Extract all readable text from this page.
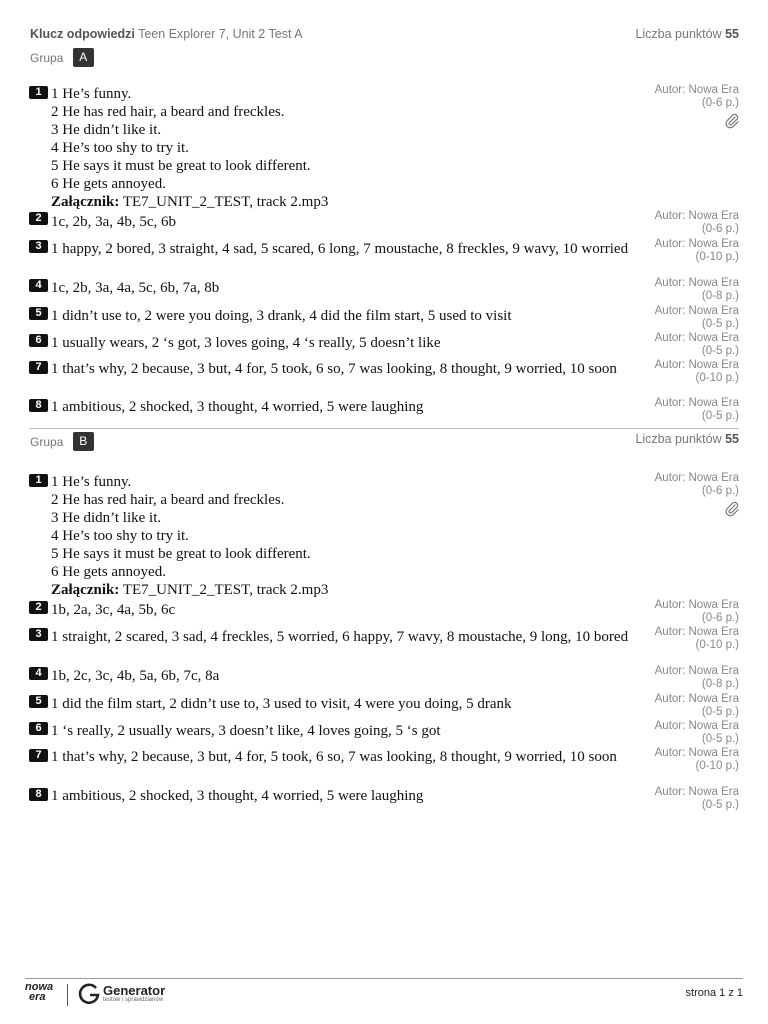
Klucz odpowiedzi Teen Explorer 7, Unit 2 Test A	Liczba punktów 55
Grupa A
1 1 He’s funny.
2 He has red hair, a beard and freckles.
3 He didn’t like it.
4 He’s too shy to try it.
5 He says it must be great to look different.
6 He gets annoyed.
Załącznik: TE7_UNIT_2_TEST, track 2.mp3
Autor: Nowa Era
(0-6 p.)
2 1c, 2b, 3a, 4b, 5c, 6b	Autor: Nowa Era
(0-6 p.)
3 1 happy, 2 bored, 3 straight, 4 sad, 5 scared, 6 long, 7 moustache, 8 freckles, 9 wavy, 10 worried	Autor: Nowa Era
(0-10 p.)
4 1c, 2b, 3a, 4a, 5c, 6b, 7a, 8b	Autor: Nowa Era
(0-8 p.)
5 1 didn’t use to, 2 were you doing, 3 drank, 4 did the film start, 5 used to visit	Autor: Nowa Era
(0-5 p.)
6 1 usually wears, 2 ‘s got, 3 loves going, 4 ‘s really, 5 doesn’t like	Autor: Nowa Era
(0-5 p.)
7 1 that’s why, 2 because, 3 but, 4 for, 5 took, 6 so, 7 was looking, 8 thought, 9 worried, 10 soon	Autor: Nowa Era
(0-10 p.)
8 1 ambitious, 2 shocked, 3 thought, 4 worried, 5 were laughing	Autor: Nowa Era
(0-5 p.)
Grupa B	Liczba punktów 55
1 1 He’s funny.
2 He has red hair, a beard and freckles.
3 He didn’t like it.
4 He’s too shy to try it.
5 He says it must be great to look different.
6 He gets annoyed.
Załącznik: TE7_UNIT_2_TEST, track 2.mp3
Autor: Nowa Era
(0-6 p.)
2 1b, 2a, 3c, 4a, 5b, 6c	Autor: Nowa Era
(0-6 p.)
3 1 straight, 2 scared, 3 sad, 4 freckles, 5 worried, 6 happy, 7 wavy, 8 moustache, 9 long, 10 bored	Autor: Nowa Era
(0-10 p.)
4 1b, 2c, 3c, 4b, 5a, 6b, 7c, 8a	Autor: Nowa Era
(0-8 p.)
5 1 did the film start, 2 didn’t use to, 3 used to visit, 4 were you doing, 5 drank	Autor: Nowa Era
(0-5 p.)
6 1 ‘s really, 2 usually wears, 3 doesn’t like, 4 loves going, 5 ‘s got	Autor: Nowa Era
(0-5 p.)
7 1 that’s why, 2 because, 3 but, 4 for, 5 took, 6 so, 7 was looking, 8 thought, 9 worried, 10 soon	Autor: Nowa Era
(0-10 p.)
8 1 ambitious, 2 shocked, 3 thought, 4 worried, 5 were laughing	Autor: Nowa Era
(0-5 p.)
nowa
era	Generator
testów i sprawdzianów
strona 1 z 1
